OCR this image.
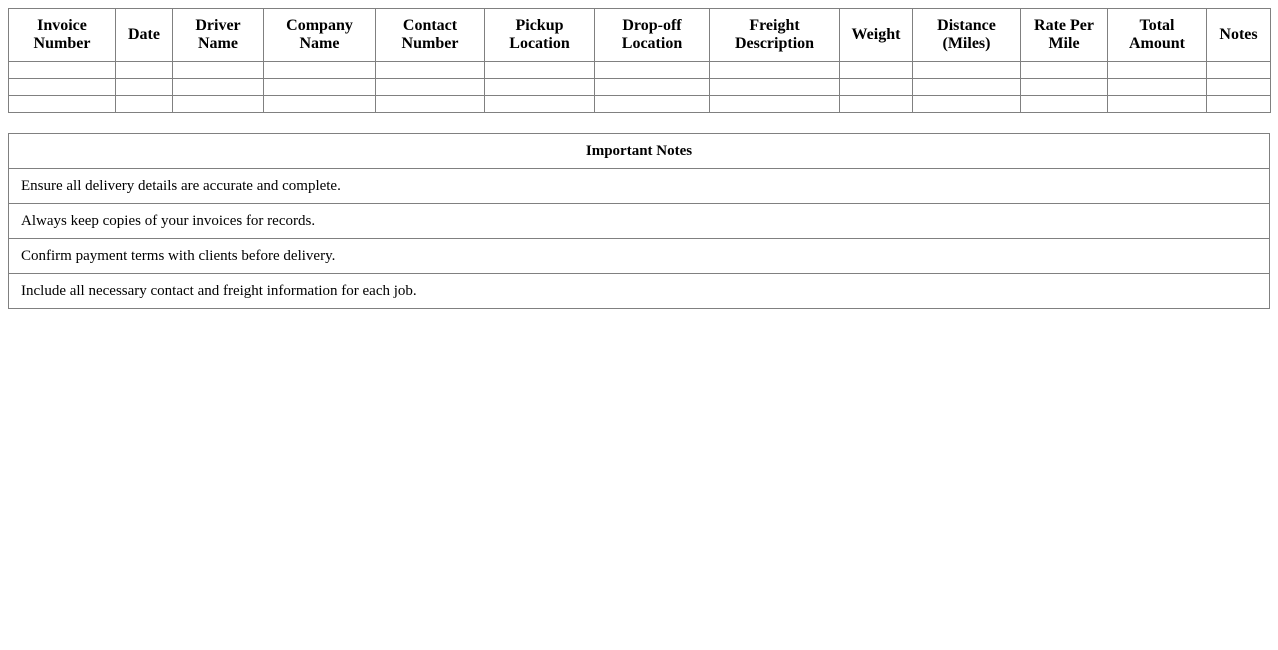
Invoice Number	Date	Driver Name	Company Name	Contact Number	Pickup Location	Drop-off Location	Freight Description	Weight	Distance (Miles)	Rate Per Mile	Total Amount	Notes

Important Notes
Ensure all delivery details are accurate and complete.
Always keep copies of your invoices for records.
Confirm payment terms with clients before delivery.
Include all necessary contact and freight information for each job.
